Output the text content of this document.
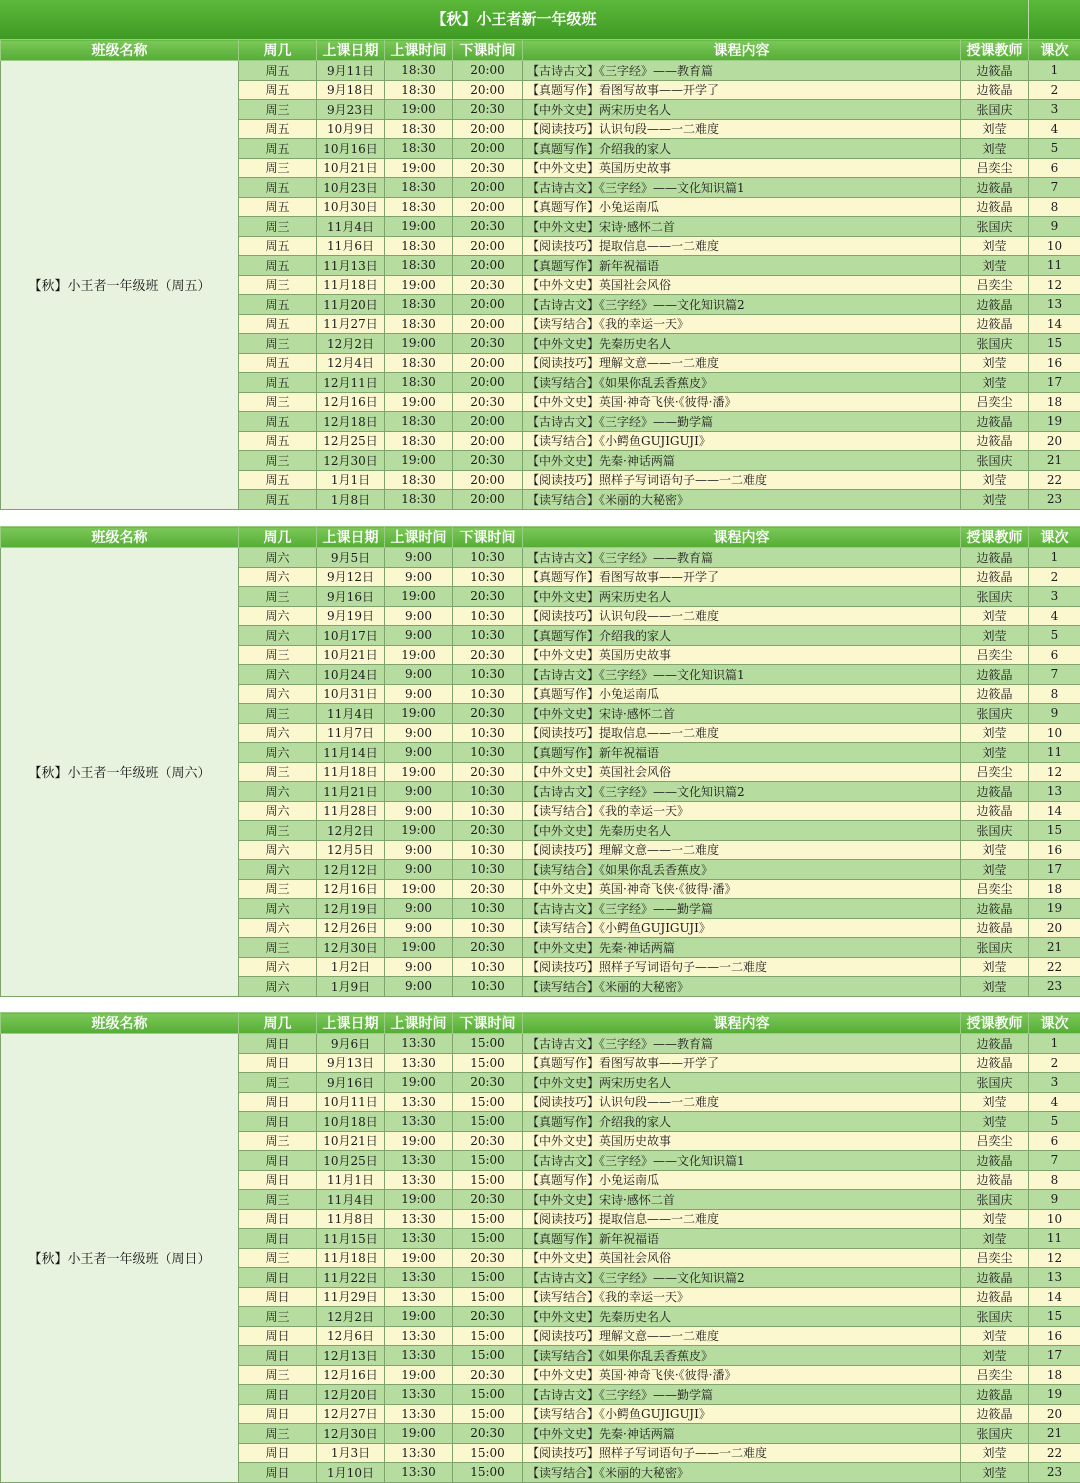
【秋】小王者新一年级班
班级名称	周几	上课日期	上课时间	下课时间	课程内容	授课教师	课次
【秋】小王者一年级班（周五）	周五	9月11日	18:30	20:00	【古诗古文】《三字经》——教育篇	边筱晶	1
	周五	9月18日	18:30	20:00	【真题写作】看图写故事——开学了	边筱晶	2
	周三	9月23日	19:00	20:30	【中外文史】两宋历史名人	张国庆	3
	周五	10月9日	18:30	20:00	【阅读技巧】认识句段——一二难度	刘莹	4
	周五	10月16日	18:30	20:00	【真题写作】介绍我的家人	刘莹	5
	周三	10月21日	19:00	20:30	【中外文史】英国历史故事	吕奕尘	6
	周五	10月23日	18:30	20:00	【古诗古文】《三字经》——文化知识篇1	边筱晶	7
	周五	10月30日	18:30	20:00	【真题写作】小兔运南瓜	边筱晶	8
	周三	11月4日	19:00	20:30	【中外文史】宋诗·感怀二首	张国庆	9
	周五	11月6日	18:30	20:00	【阅读技巧】提取信息——一二难度	刘莹	10
	周五	11月13日	18:30	20:00	【真题写作】新年祝福语	刘莹	11
	周三	11月18日	19:00	20:30	【中外文史】英国社会风俗	吕奕尘	12
	周五	11月20日	18:30	20:00	【古诗古文】《三字经》——文化知识篇2	边筱晶	13
	周五	11月27日	18:30	20:00	【读写结合】《我的幸运一天》	边筱晶	14
	周三	12月2日	19:00	20:30	【中外文史】先秦历史名人	张国庆	15
	周五	12月4日	18:30	20:00	【阅读技巧】理解文意——一二难度	刘莹	16
	周五	12月11日	18:30	20:00	【读写结合】《如果你乱丢香蕉皮》	刘莹	17
	周三	12月16日	19:00	20:30	【中外文史】英国·神奇飞侠·《彼得·潘》	吕奕尘	18
	周五	12月18日	18:30	20:00	【古诗古文】《三字经》——勤学篇	边筱晶	19
	周五	12月25日	18:30	20:00	【读写结合】《小鳄鱼GUJIGUJI》	边筱晶	20
	周三	12月30日	19:00	20:30	【中外文史】先秦·神话两篇	张国庆	21
	周五	1月1日	18:30	20:00	【阅读技巧】照样子写词语句子——一二难度	刘莹	22
	周五	1月8日	18:30	20:00	【读写结合】《米丽的大秘密》	刘莹	23
班级名称	周几	上课日期	上课时间	下课时间	课程内容	授课教师	课次
【秋】小王者一年级班（周六）	周六	9月5日	9:00	10:30	【古诗古文】《三字经》——教育篇	边筱晶	1
	周六	9月12日	9:00	10:30	【真题写作】看图写故事——开学了	边筱晶	2
	周三	9月16日	19:00	20:30	【中外文史】两宋历史名人	张国庆	3
	周六	9月19日	9:00	10:30	【阅读技巧】认识句段——一二难度	刘莹	4
	周六	10月17日	9:00	10:30	【真题写作】介绍我的家人	刘莹	5
	周三	10月21日	19:00	20:30	【中外文史】英国历史故事	吕奕尘	6
	周六	10月24日	9:00	10:30	【古诗古文】《三字经》——文化知识篇1	边筱晶	7
	周六	10月31日	9:00	10:30	【真题写作】小兔运南瓜	边筱晶	8
	周三	11月4日	19:00	20:30	【中外文史】宋诗·感怀二首	张国庆	9
	周六	11月7日	9:00	10:30	【阅读技巧】提取信息——一二难度	刘莹	10
	周六	11月14日	9:00	10:30	【真题写作】新年祝福语	刘莹	11
	周三	11月18日	19:00	20:30	【中外文史】英国社会风俗	吕奕尘	12
	周六	11月21日	9:00	10:30	【古诗古文】《三字经》——文化知识篇2	边筱晶	13
	周六	11月28日	9:00	10:30	【读写结合】《我的幸运一天》	边筱晶	14
	周三	12月2日	19:00	20:30	【中外文史】先秦历史名人	张国庆	15
	周六	12月5日	9:00	10:30	【阅读技巧】理解文意——一二难度	刘莹	16
	周六	12月12日	9:00	10:30	【读写结合】《如果你乱丢香蕉皮》	刘莹	17
	周三	12月16日	19:00	20:30	【中外文史】英国·神奇飞侠·《彼得·潘》	吕奕尘	18
	周六	12月19日	9:00	10:30	【古诗古文】《三字经》——勤学篇	边筱晶	19
	周六	12月26日	9:00	10:30	【读写结合】《小鳄鱼GUJIGUJI》	边筱晶	20
	周三	12月30日	19:00	20:30	【中外文史】先秦·神话两篇	张国庆	21
	周六	1月2日	9:00	10:30	【阅读技巧】照样子写词语句子——一二难度	刘莹	22
	周六	1月9日	9:00	10:30	【读写结合】《米丽的大秘密》	刘莹	23
班级名称	周几	上课日期	上课时间	下课时间	课程内容	授课教师	课次
【秋】小王者一年级班（周日）	周日	9月6日	13:30	15:00	【古诗古文】《三字经》——教育篇	边筱晶	1
	周日	9月13日	13:30	15:00	【真题写作】看图写故事——开学了	边筱晶	2
	周三	9月16日	19:00	20:30	【中外文史】两宋历史名人	张国庆	3
	周日	10月11日	13:30	15:00	【阅读技巧】认识句段——一二难度	刘莹	4
	周日	10月18日	13:30	15:00	【真题写作】介绍我的家人	刘莹	5
	周三	10月21日	19:00	20:30	【中外文史】英国历史故事	吕奕尘	6
	周日	10月25日	13:30	15:00	【古诗古文】《三字经》——文化知识篇1	边筱晶	7
	周日	11月1日	13:30	15:00	【真题写作】小兔运南瓜	边筱晶	8
	周三	11月4日	19:00	20:30	【中外文史】宋诗·感怀二首	张国庆	9
	周日	11月8日	13:30	15:00	【阅读技巧】提取信息——一二难度	刘莹	10
	周日	11月15日	13:30	15:00	【真题写作】新年祝福语	刘莹	11
	周三	11月18日	19:00	20:30	【中外文史】英国社会风俗	吕奕尘	12
	周日	11月22日	13:30	15:00	【古诗古文】《三字经》——文化知识篇2	边筱晶	13
	周日	11月29日	13:30	15:00	【读写结合】《我的幸运一天》	边筱晶	14
	周三	12月2日	19:00	20:30	【中外文史】先秦历史名人	张国庆	15
	周日	12月6日	13:30	15:00	【阅读技巧】理解文意——一二难度	刘莹	16
	周日	12月13日	13:30	15:00	【读写结合】《如果你乱丢香蕉皮》	刘莹	17
	周三	12月16日	19:00	20:30	【中外文史】英国·神奇飞侠·《彼得·潘》	吕奕尘	18
	周日	12月20日	13:30	15:00	【古诗古文】《三字经》——勤学篇	边筱晶	19
	周日	12月27日	13:30	15:00	【读写结合】《小鳄鱼GUJIGUJI》	边筱晶	20
	周三	12月30日	19:00	20:30	【中外文史】先秦·神话两篇	张国庆	21
	周日	1月3日	13:30	15:00	【阅读技巧】照样子写词语句子——一二难度	刘莹	22
	周日	1月10日	13:30	15:00	【读写结合】《米丽的大秘密》	刘莹	23
